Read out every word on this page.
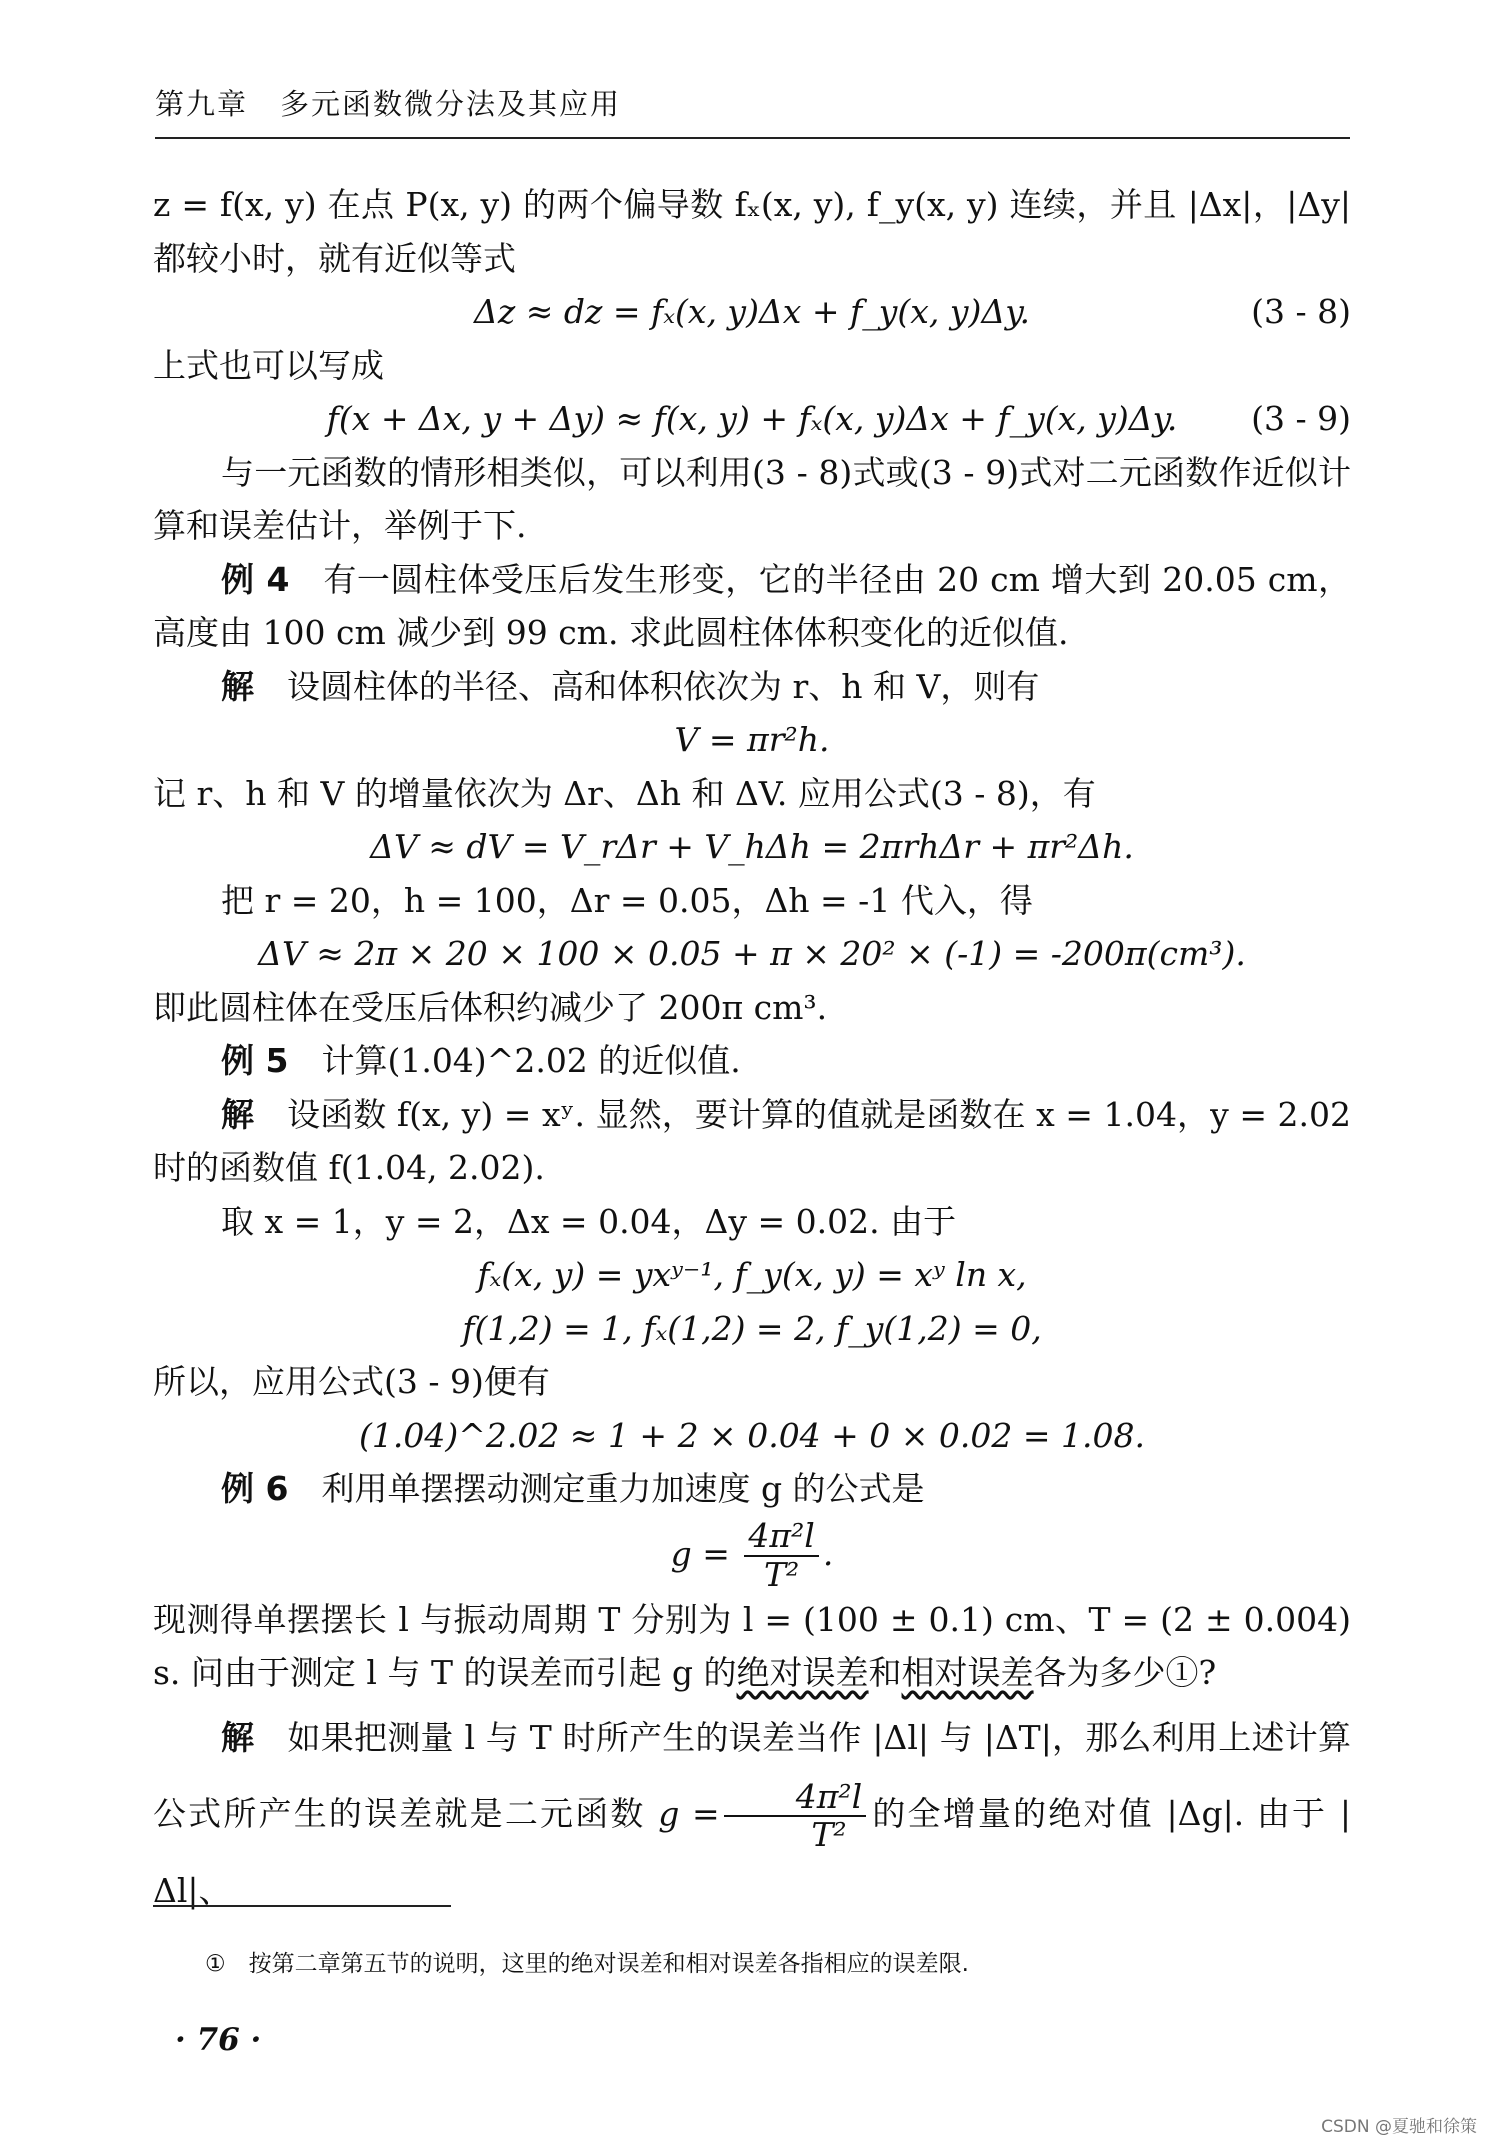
第九章 多元函数微分法及其应用

z = f(x, y) 在点 P(x, y) 的两个偏导数 fₓ(x, y), f_y(x, y) 连续，并且 |Δx|，|Δy| 都较小时，就有近似等式

Δz ≈ dz = fₓ(x, y)Δx + f_y(x, y)Δy.	(3 - 8)

上式也可以写成

f(x + Δx, y + Δy) ≈ f(x, y) + fₓ(x, y)Δx + f_y(x, y)Δy. (3 - 9)

与一元函数的情形相类似，可以利用(3 - 8)式或(3 - 9)式对二元函数作近似计算和误差估计，举例于下.

例 4　 有一圆柱体受压后发生形变，它的半径由 20 cm 增大到 20.05 cm，高度由 100 cm 减少到 99 cm. 求此圆柱体体积变化的近似值.

解　 设圆柱体的半径、高和体积依次为 r、h 和 V，则有

V = πr²h.

记 r、h 和 V 的增量依次为 Δr、Δh 和 ΔV. 应用公式(3 - 8)，有

ΔV ≈ dV = V_rΔr + V_hΔh = 2πrhΔr + πr²Δh.

把 r = 20，h = 100，Δr = 0.05，Δh = -1 代入，得

ΔV ≈ 2π × 20 × 100 × 0.05 + π × 20² × (-1) = -200π(cm³).

即此圆柱体在受压后体积约减少了 200π cm³.

例 5　 计算(1.04)^2.02 的近似值.

解　 设函数 f(x, y) = xʸ. 显然，要计算的值就是函数在 x = 1.04，y = 2.02 时的函数值 f(1.04, 2.02).

取 x = 1，y = 2，Δx = 0.04，Δy = 0.02. 由于

fₓ(x, y) = yxʸ⁻¹, f_y(x, y) = xʸ ln x,
f(1,2) = 1, fₓ(1,2) = 2, f_y(1,2) = 0,

所以，应用公式(3 - 9)便有

(1.04)^2.02 ≈ 1 + 2 × 0.04 + 0 × 0.02 = 1.08.

例 6　 利用单摆摆动测定重力加速度 g 的公式是

$g = \frac{\text{4π²l}}{\text{T²}}$ .

现测得单摆摆长 l 与振动周期 T 分别为 l = (100 ± 0.1) cm、T = (2 ± 0.004) s. 问由于测定 l 与 T 的误差而引起 g 的绝对误差和相对误差各为多少①?

解　 如果把测量 l 与 T 时所产生的误差当作 |Δl| 与 |ΔT|，那么利用上述计算公式所产生的误差就是二元函数 $g = \frac{\text{4π²l}}{\text{T²}}$ 的全增量的绝对值 |Δg|. 由于 |Δl|、

①　按第二章第五节的说明，这里的绝对误差和相对误差各指相应的误差限.
· 76 ·
CSDN @夏驰和徐策
